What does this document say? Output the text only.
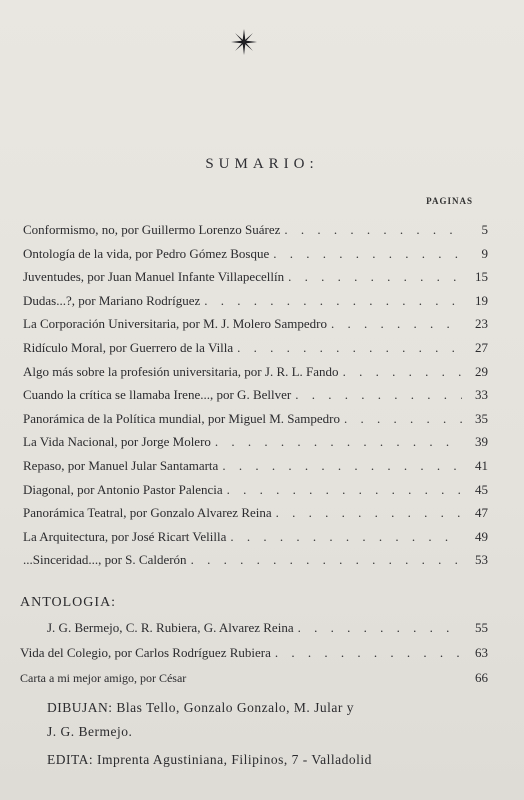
SUMARIO:
PAGINAS
Conformismo, no, por Guillermo Lorenzo Suárez . . .	5
Ontología de la vida, por Pedro Gómez Bosque . . .	9
Juventudes, por Juan Manuel Infante Villapecellín . . .	15
Dudas...?, por Mariano Rodríguez . . .	19
La Corporación Universitaria, por M. J. Molero Sampedro . . .	23
Ridículo Moral, por Guerrero de la Villa . . .	27
Algo más sobre la profesión universitaria, por J. R. L. Fando . . .	29
Cuando la crítica se llamaba Irene..., por G. Bellver . . .	33
Panorámica de la Política mundial, por Miguel M. Sampedro . . .	35
La Vida Nacional, por Jorge Molero . . .	39
Repaso, por Manuel Jular Santamarta . . .	41
Diagonal, por Antonio Pastor Palencia . . .	45
Panorámica Teatral, por Gonzalo Alvarez Reina . . .	47
La Arquitectura, por José Ricart Velilla . . .	49
...Sinceridad..., por S. Calderón . . .	53
ANTOLOGIA:
J. G. Bermejo, C. R. Rubiera, G. Alvarez Reina . . .	55
Vida del Colegio, por Carlos Rodríguez Rubiera . . .	63
Carta a mi mejor amigo, por César	66
DIBUJAN: Blas Tello, Gonzalo Gonzalo, M. Jular y
J. G. Bermejo.
EDITA: Imprenta Agustiniana, Filipinos, 7 - Valladolid
